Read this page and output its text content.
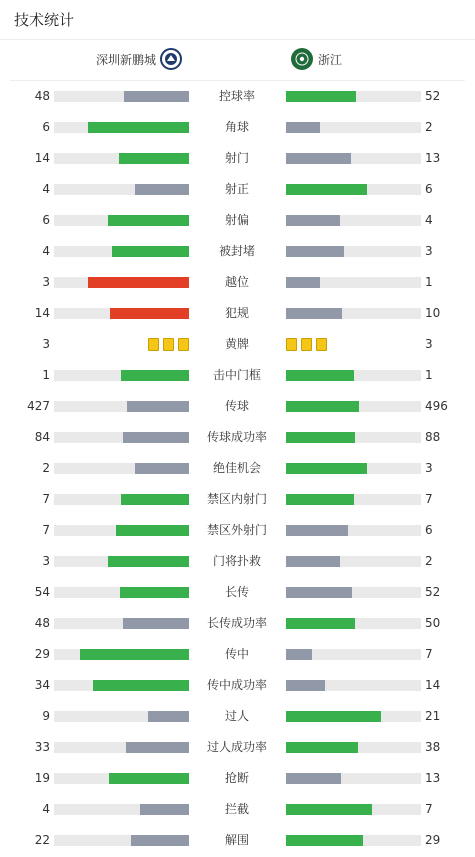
技术统计
深圳新鹏城	浙江
48	控球率	52
6	角球	2
14	射门	13
4	射正	6
6	射偏	4
4	被封堵	3
3	越位	1
14	犯规	10
3	黄牌	3
1	击中门框	1
427	传球	496
84	传球成功率	88
2	绝佳机会	3
7	禁区内射门	7
7	禁区外射门	6
3	门将扑救	2
54	长传	52
48	长传成功率	50
29	传中	7
34	传中成功率	14
9	过人	21
33	过人成功率	38
19	抢断	13
4	拦截	7
22	解围	29
